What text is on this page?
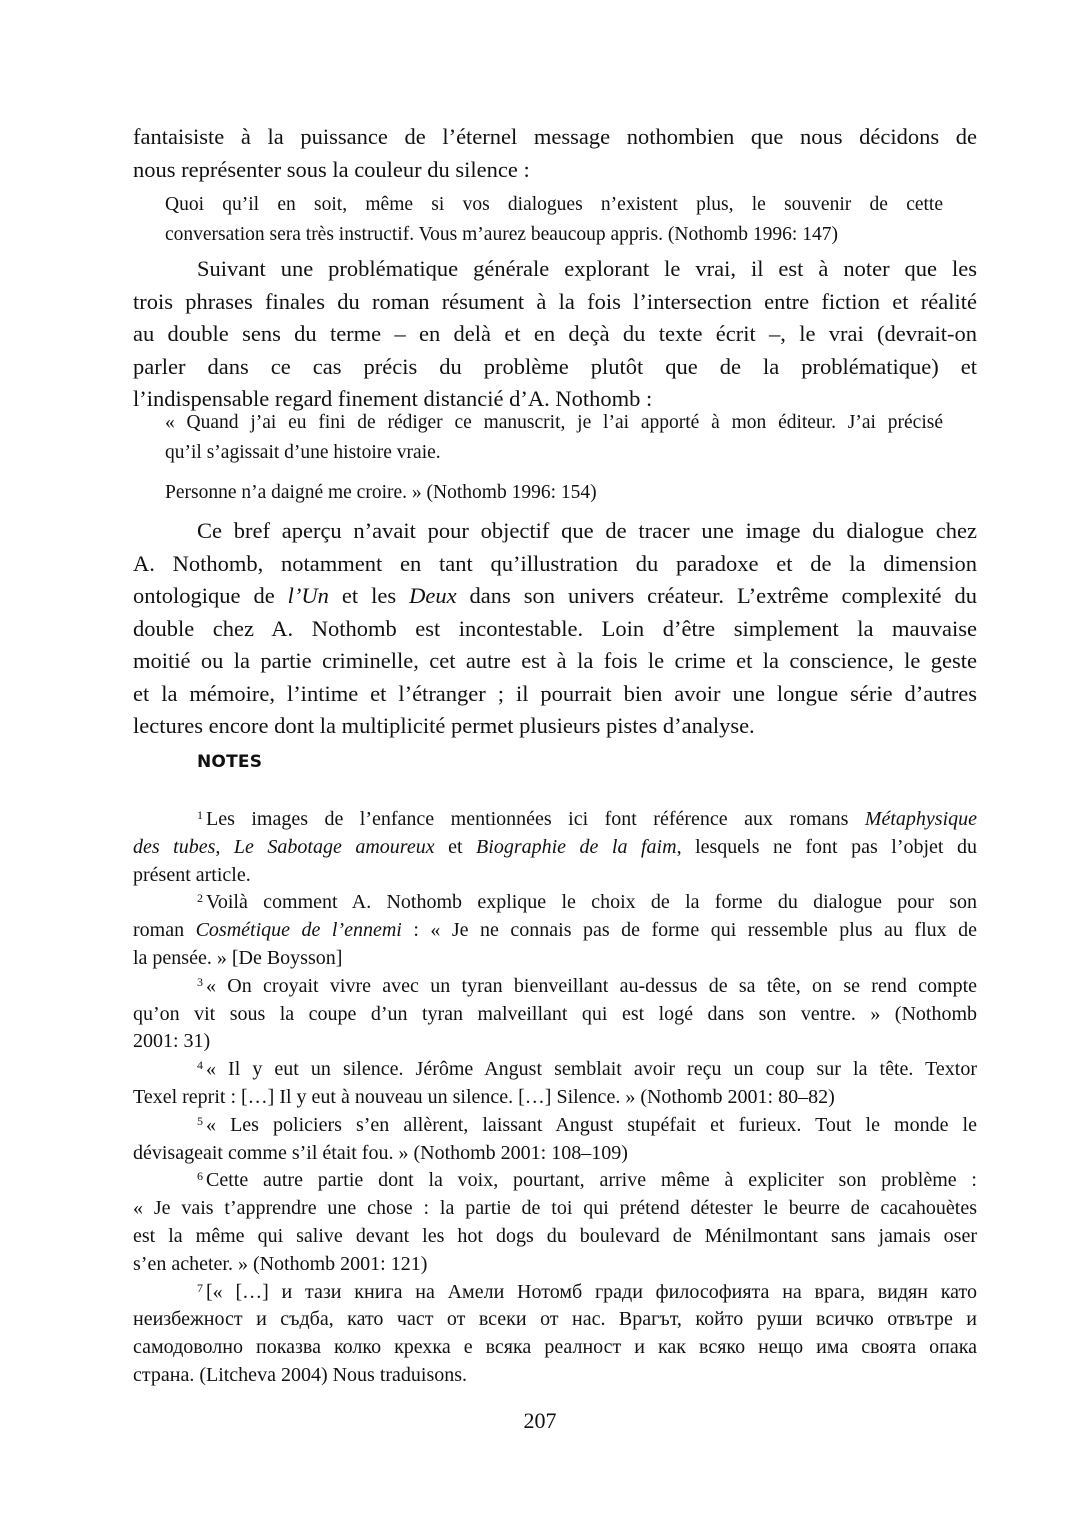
fantaisiste à la puissance de l’éternel message nothombien que nous décidons de
nous représenter sous la couleur du silence :
Quoi qu’il en soit, même si vos dialogues n’existent plus, le souvenir de cette
conversation sera très instructif. Vous m’aurez beaucoup appris. (Nothomb 1996: 147)
Suivant une problématique générale explorant le vrai, il est à noter que les
trois phrases finales du roman résument à la fois l’intersection entre fiction et réalité
au double sens du terme – en delà et en deçà du texte écrit –, le vrai (devrait-on
parler dans ce cas précis du problème plutôt que de la problématique) et
l’indispensable regard finement distancié d’A. Nothomb :
« Quand j’ai eu fini de rédiger ce manuscrit, je l’ai apporté à mon éditeur. J’ai précisé
qu’il s’agissait d’une histoire vraie.
Personne n’a daigné me croire. » (Nothomb 1996: 154)
Ce bref aperçu n’avait pour objectif que de tracer une image du dialogue chez
A. Nothomb, notamment en tant qu’illustration du paradoxe et de la dimension
ontologique de l’Un et les Deux dans son univers créateur. L’extrême complexité du
double chez A. Nothomb est incontestable. Loin d’être simplement la mauvaise
moitié ou la partie criminelle, cet autre est à la fois le crime et la conscience, le geste
et la mémoire, l’intime et l’étranger ; il pourrait bien avoir une longue série d’autres
lectures encore dont la multiplicité permet plusieurs pistes d’analyse.
NOTES
$^1$ Les images de l’enfance mentionnées ici font référence aux romans Métaphysique
des tubes, Le Sabotage amoureux et Biographie de la faim, lesquels ne font pas l’objet du
présent article.
$^2$ Voilà comment A. Nothomb explique le choix de la forme du dialogue pour son
roman Cosmétique de l’ennemi : « Je ne connais pas de forme qui ressemble plus au flux de
la pensée. » [De Boysson]
$^3$ « On croyait vivre avec un tyran bienveillant au-dessus de sa tête, on se rend compte
qu’on vit sous la coupe d’un tyran malveillant qui est logé dans son ventre. » (Nothomb
2001: 31)
$^4$ « Il y eut un silence. Jérôme Angust semblait avoir reçu un coup sur la tête. Textor
Texel reprit : […] Il y eut à nouveau un silence. […] Silence. » (Nothomb 2001: 80–82)
$^5$ « Les policiers s’en allèrent, laissant Angust stupéfait et furieux. Tout le monde le
dévisageait comme s’il était fou. » (Nothomb 2001: 108–109)
$^6$ Cette autre partie dont la voix, pourtant, arrive même à expliciter son problème :
« Je vais t’apprendre une chose : la partie de toi qui prétend détester le beurre de cacahouètes
est la même qui salive devant les hot dogs du boulevard de Ménilmontant sans jamais oser
s’en acheter. » (Nothomb 2001: 121)
$^7$ [« […] и тази книга на Амели Нотомб гради философията на врага, видян като
неизбежност и съдба, като част от всеки от нас. Врагът, който руши всичко отвътре и
самодоволно показва колко крехка е всяка реалност и как всяко нещо има своята опака
страна. (Litcheva 2004) Nous traduisons.
207
